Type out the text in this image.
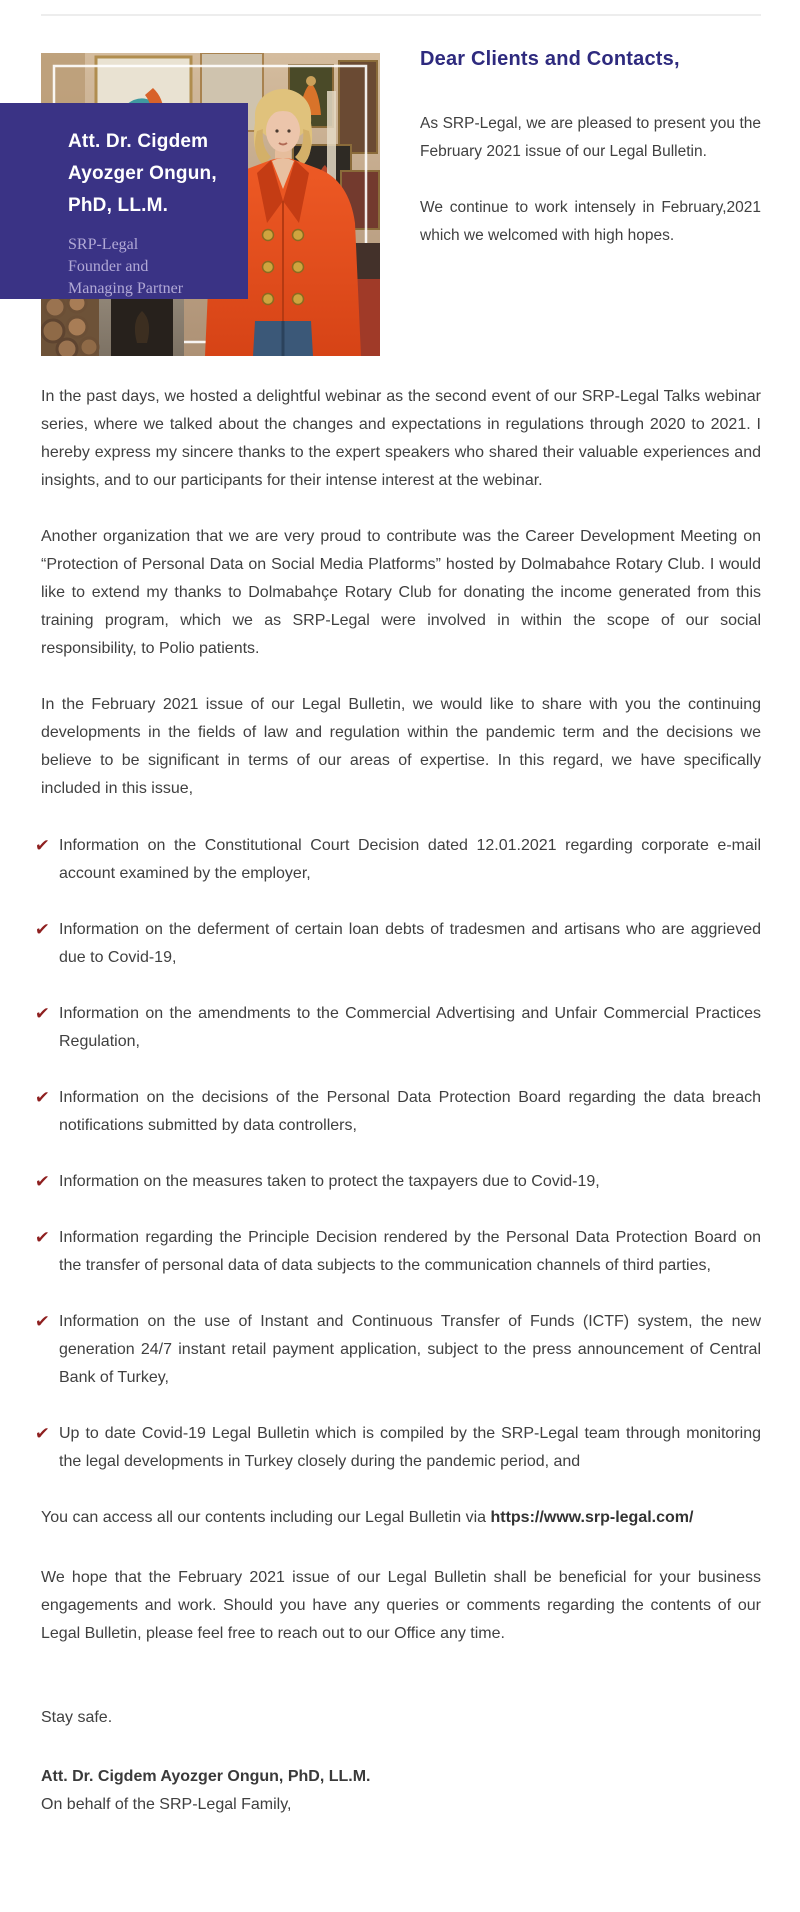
Att. Dr. Cigdem
Ayozger Ongun,
PhD, LL.M.
SRP-Legal
Founder and
Managing Partner
Dear Clients and Contacts,

As SRP-Legal, we are pleased to present you the February 2021 issue of our Legal Bulletin.

We continue to work intensely in February,2021 which we welcomed with high hopes.

In the past days, we hosted a delightful webinar as the second event of our SRP-Legal Talks webinar series, where we talked about the changes and expectations in regulations through 2020 to 2021. I hereby express my sincere thanks to the expert speakers who shared their valuable experiences and insights, and to our participants for their intense interest at the webinar.

Another organization that we are very proud to contribute was the Career Development Meeting on “Protection of Personal Data on Social Media Platforms” hosted by Dolmabahce Rotary Club. I would like to extend my thanks to Dolmabahçe Rotary Club for donating the income generated from this training program, which we as SRP-Legal were involved in within the scope of our social responsibility, to Polio patients.

In the February 2021 issue of our Legal Bulletin, we would like to share with you the continuing developments in the fields of law and regulation within the pandemic term and the decisions we believe to be significant in terms of our areas of expertise. In this regard, we have specifically included in this issue,

✔ Information on the Constitutional Court Decision dated 12.01.2021 regarding corporate e-mail account examined by the employer,
✔ Information on the deferment of certain loan debts of tradesmen and artisans who are aggrieved due to Covid-19,
✔ Information on the amendments to the Commercial Advertising and Unfair Commercial Practices Regulation,
✔ Information on the decisions of the Personal Data Protection Board regarding the data breach notifications submitted by data controllers,
✔ Information on the measures taken to protect the taxpayers due to Covid-19,
✔ Information regarding the Principle Decision rendered by the Personal Data Protection Board on the transfer of personal data of data subjects to the communication channels of third parties,
✔ Information on the use of Instant and Continuous Transfer of Funds (ICTF) system, the new generation 24/7 instant retail payment application, subject to the press announcement of Central Bank of Turkey,
✔ Up to date Covid-19 Legal Bulletin which is compiled by the SRP-Legal team through monitoring the legal developments in Turkey closely during the pandemic period, and

You can access all our contents including our Legal Bulletin via https://www.srp-legal.com/

We hope that the February 2021 issue of our Legal Bulletin shall be beneficial for your business engagements and work. Should you have any queries or comments regarding the contents of our Legal Bulletin, please feel free to reach out to our Office any time.

Stay safe.

Att. Dr. Cigdem Ayozger Ongun, PhD, LL.M.
On behalf of the SRP-Legal Family,
